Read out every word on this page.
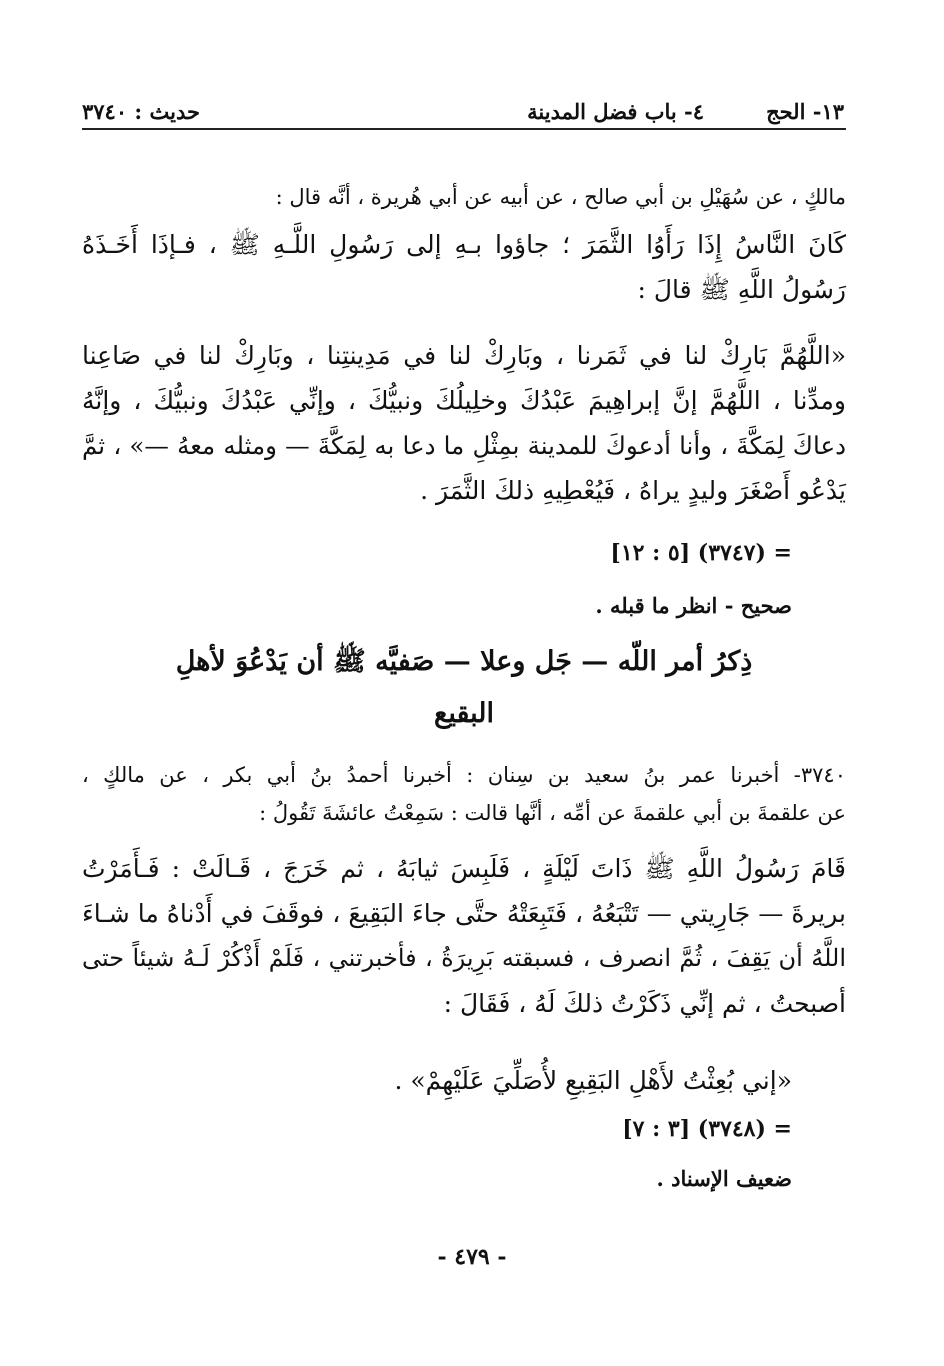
١٣- الحج
٤- باب فضل المدينة
حديث : ٣٧٤٠
مالكٍ ، عن سُهَيْلِ بن أبي صالح ، عن أبيه عن أبي هُريرة ، أنَّه قال :
كَانَ النَّاسُ إِذَا رَأَوُا الثَّمَرَ ؛ جاؤوا بـهِ إلى رَسُولِ اللَّـهِ ﷺ ، فـإذَا أَخَـذَهُ
رَسُولُ اللَّهِ ﷺ قالَ :
«اللَّهُمَّ بَارِكْ لنا في ثَمَرنا ، وبَارِكْ لنا في مَدِينتِنا ، وبَارِكْ لنا في صَاعِنا
ومدِّنا ، اللَّهُمَّ إنَّ إبراهِيمَ عَبْدُكَ وخلِيلُكَ ونبيُّكَ ، وإنِّي عَبْدُكَ ونبيُّكَ ، وإنَّهُ
دعاكَ لِمَكَّةَ ، وأنا أدعوكَ للمدينة بمِثْلِ ما دعا به لِمَكَّةَ — ومثله معهُ —» ، ثمَّ
يَدْعُو أَصْغَرَ وليدٍ يراهُ ، فَيُعْطِيهِ ذلكَ الثَّمَرَ .
= (٣٧٤٧) [٥ : ١٢]
صحيح - انظر ما قبله .
ذِكرُ أمر اللّه — جَل وعلا — صَفيَّه ﷺ أن يَدْعُوَ لأهلِ
البقيع
٣٧٤٠- أخبرنا عمر بنُ سعيد بن سِنان : أخبرنا أحمدُ بنُ أبي بكر ، عن مالكٍ ،
عن علقمةَ بن أبي علقمةَ عن أمِّه ، أنَّها قالت : سَمِعْتُ عائشَةَ تَقُولُ :
قَامَ رَسُولُ اللَّهِ ﷺ ذَاتَ لَيْلَةٍ ، فَلَبِسَ ثيابَهُ ، ثم خَرَجَ ، قَـالَتْ : فَـأَمَرْتُ
بريرةَ — جَارِيتي — تَتْبَعُهُ ، فَتَبِعَتْهُ حتَّى جاءَ البَقِيعَ ، فوقَفَ في أَدْناهُ ما شـاءَ
اللَّهُ أن يَقِفَ ، ثُمَّ انصرف ، فسبقته بَرِيرَةُ ، فأخبرتني ، فَلَمْ أَذْكُرْ لَـهُ شيئاً حتى
أصبحتُ ، ثم إنِّي ذَكَرْتُ ذلكَ لَهُ ، فَقَالَ :
«إني بُعِثْتُ لأَهْلِ البَقِيعِ لأُصَلِّيَ عَلَيْهِمْ» .
= (٣٧٤٨) [٣ : ٧]
ضعيف الإسناد .
- ٤٧٩ -
